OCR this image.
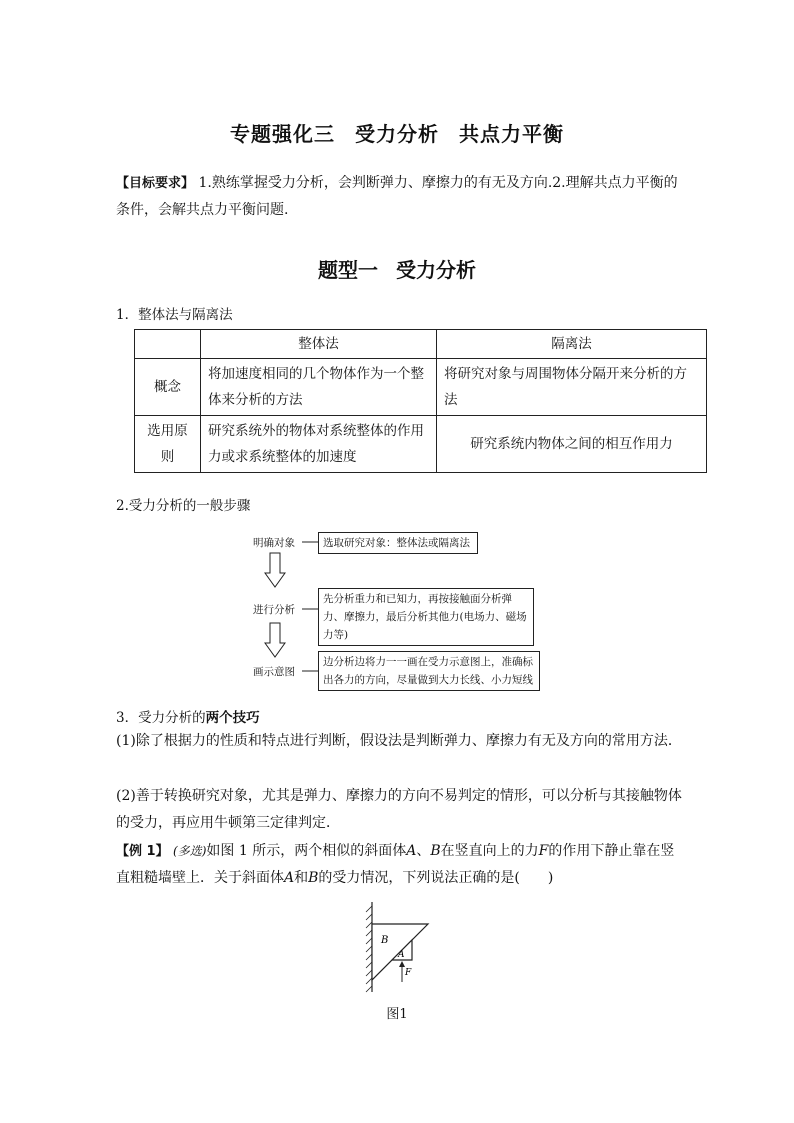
专题强化三 受力分析 共点力平衡
【目标要求】 1.熟练掌握受力分析，会判断弹力、摩擦力的有无及方向.2.理解共点力平衡的条件，会解共点力平衡问题.
题型一 受力分析
1．整体法与隔离法
	整体法	隔离法
概念	将加速度相同的几个物体作为一个整体来分析的方法	将研究对象与周围物体分隔开来分析的方法
选用原则	研究系统外的物体对系统整体的作用力或求系统整体的加速度	研究系统内物体之间的相互作用力
2.受力分析的一般步骤
明确对象	选取研究对象：整体法或隔离法
进行分析
先分析重力和已知力，再按接触面分析弹力、摩擦力，最后分析其他力(电场力、磁场力等)
画示意图
边分析边将力一一画在受力示意图上，准确标出各力的方向，尽量做到大力长线、小力短线
3．受力分析的两个技巧
(1)除了根据力的性质和特点进行判断，假设法是判断弹力、摩擦力有无及方向的常用方法．
(2)善于转换研究对象，尤其是弹力、摩擦力的方向不易判定的情形，可以分析与其接触物体的受力，再应用牛顿第三定律判定．
【例 1】 (多选)如图 1 所示，两个相似的斜面体A、B在竖直向上的力F的作用下静止靠在竖直粗糙墙壁上．关于斜面体A和B的受力情况，下列说法正确的是(　　)
B
A
F
图1
